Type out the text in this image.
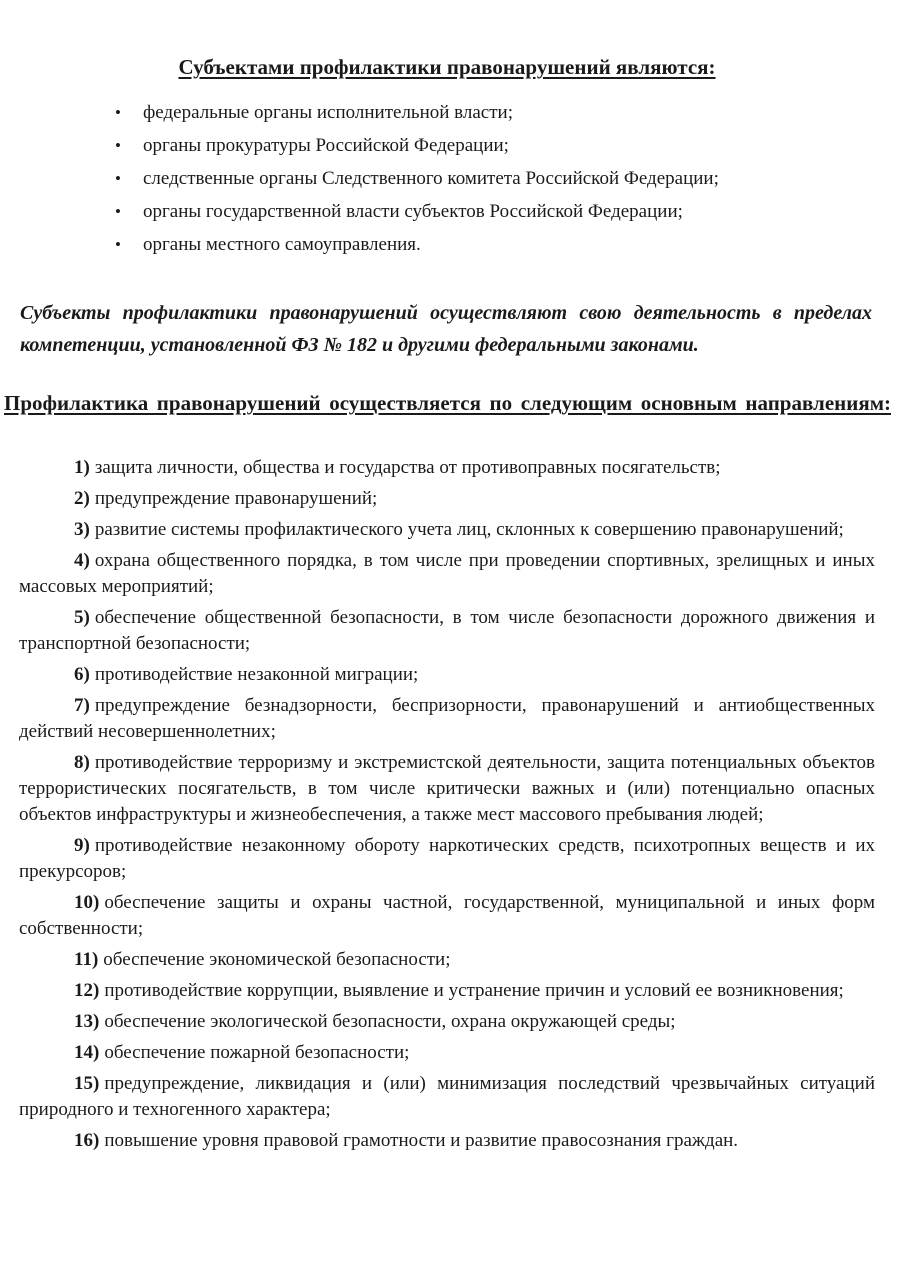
Субъектами профилактики правонарушений являются:
•федеральные органы исполнительной власти;
•органы прокуратуры Российской Федерации;
•следственные органы Следственного комитета Российской Федерации;
•органы государственной власти субъектов Российской Федерации;
•органы местного самоуправления.

Субъекты профилактики правонарушений осуществляют свою деятельность в пределах компетенции, установленной ФЗ № 182 и другими федеральными законами.

Профилактика правонарушений осуществляется по следующим основным направлениям:

1) защита личности, общества и государства от противоправных посягательств;

2) предупреждение правонарушений;

3) развитие системы профилактического учета лиц, склонных к совершению правонарушений;

4) охрана общественного порядка, в том числе при проведении спортивных, зрелищных и иных массовых мероприятий;

5) обеспечение общественной безопасности, в том числе безопасности дорожного движения и транспортной безопасности;

6) противодействие незаконной миграции;

7) предупреждение безнадзорности, беспризорности, правонарушений и антиобщественных действий несовершеннолетних;

8) противодействие терроризму и экстремистской деятельности, защита потенциальных объектов террористических посягательств, в том числе критически важных и (или) потенциально опасных объектов инфраструктуры и жизнеобеспечения, а также мест массового пребывания людей;

9) противодействие незаконному обороту наркотических средств, психотропных веществ и их прекурсоров;

10) обеспечение защиты и охраны частной, государственной, муниципальной и иных форм собственности;

11) обеспечение экономической безопасности;

12) противодействие коррупции, выявление и устранение причин и условий ее возникновения;

13) обеспечение экологической безопасности, охрана окружающей среды;

14) обеспечение пожарной безопасности;

15) предупреждение, ликвидация и (или) минимизация последствий чрезвычайных ситуаций природного и техногенного характера;

16) повышение уровня правовой грамотности и развитие правосознания граждан.
